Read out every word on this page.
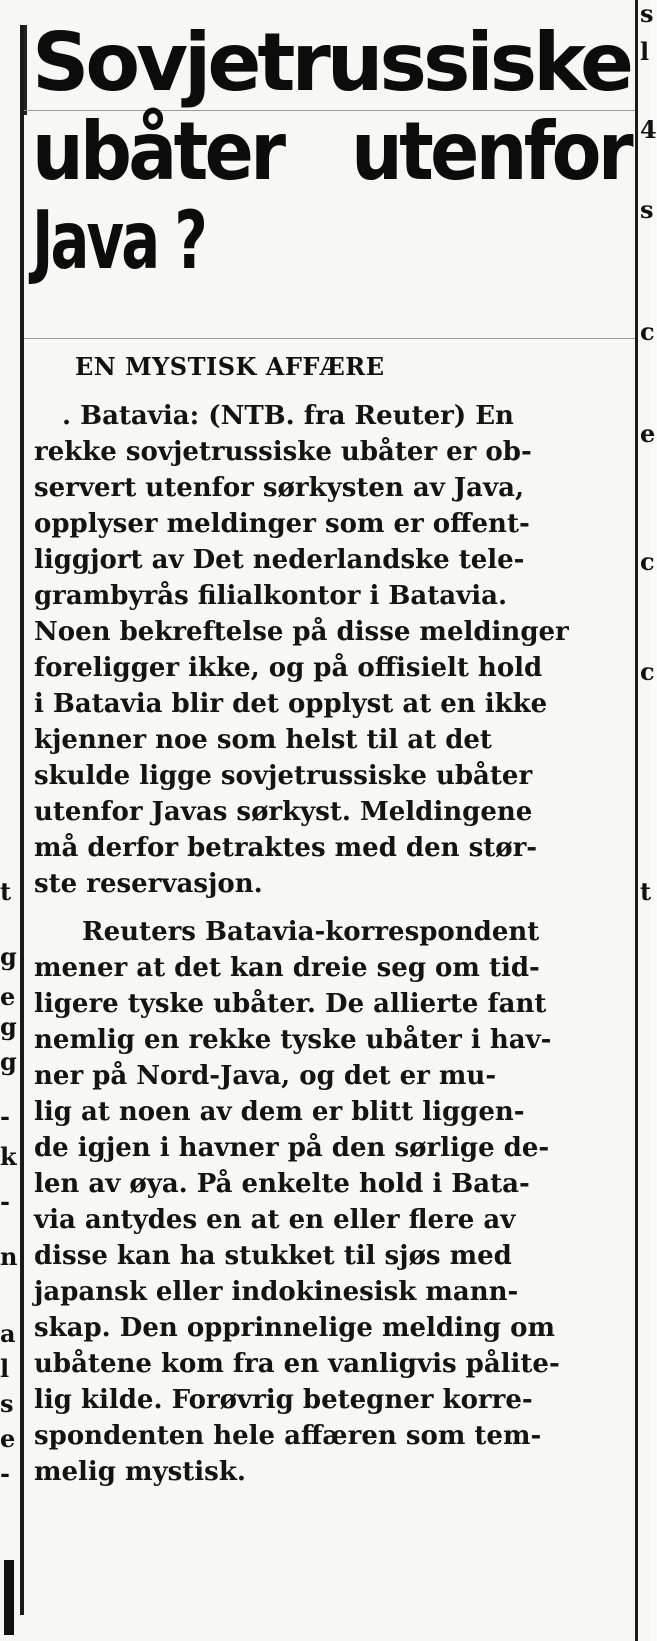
t
g
e
g
g
-
k
-
n
a
l
s
e
-
s
l
4
s
c
e
c
c
t
Sovjetrussiske
ubåter utenfor
Java ?
EN MYSTISK AFFÆRE
. Batavia: (NTB. fra Reuter) En
rekke sovjetrussiske ubåter er ob-
servert utenfor sørkysten av Java,
opplyser meldinger som er offent-
liggjort av Det nederlandske tele-
grambyrås filialkontor i Batavia.
Noen bekreftelse på disse meldinger
foreligger ikke, og på offisielt hold
i Batavia blir det opplyst at en ikke
kjenner noe som helst til at det
skulde ligge sovjetrussiske ubåter
utenfor Javas sørkyst. Meldingene
må derfor betraktes med den stør-
ste reservasjon.
Reuters Batavia-korrespondent
mener at det kan dreie seg om tid-
ligere tyske ubåter. De allierte fant
nemlig en rekke tyske ubåter i hav-
ner på Nord-Java, og det er mu-
lig at noen av dem er blitt liggen-
de igjen i havner på den sørlige de-
len av øya. På enkelte hold i Bata-
via antydes en at en eller flere av
disse kan ha stukket til sjøs med
japansk eller indokinesisk mann-
skap. Den opprinnelige melding om
ubåtene kom fra en vanligvis pålite-
lig kilde. Forøvrig betegner korre-
spondenten hele affæren som tem-
melig mystisk.
